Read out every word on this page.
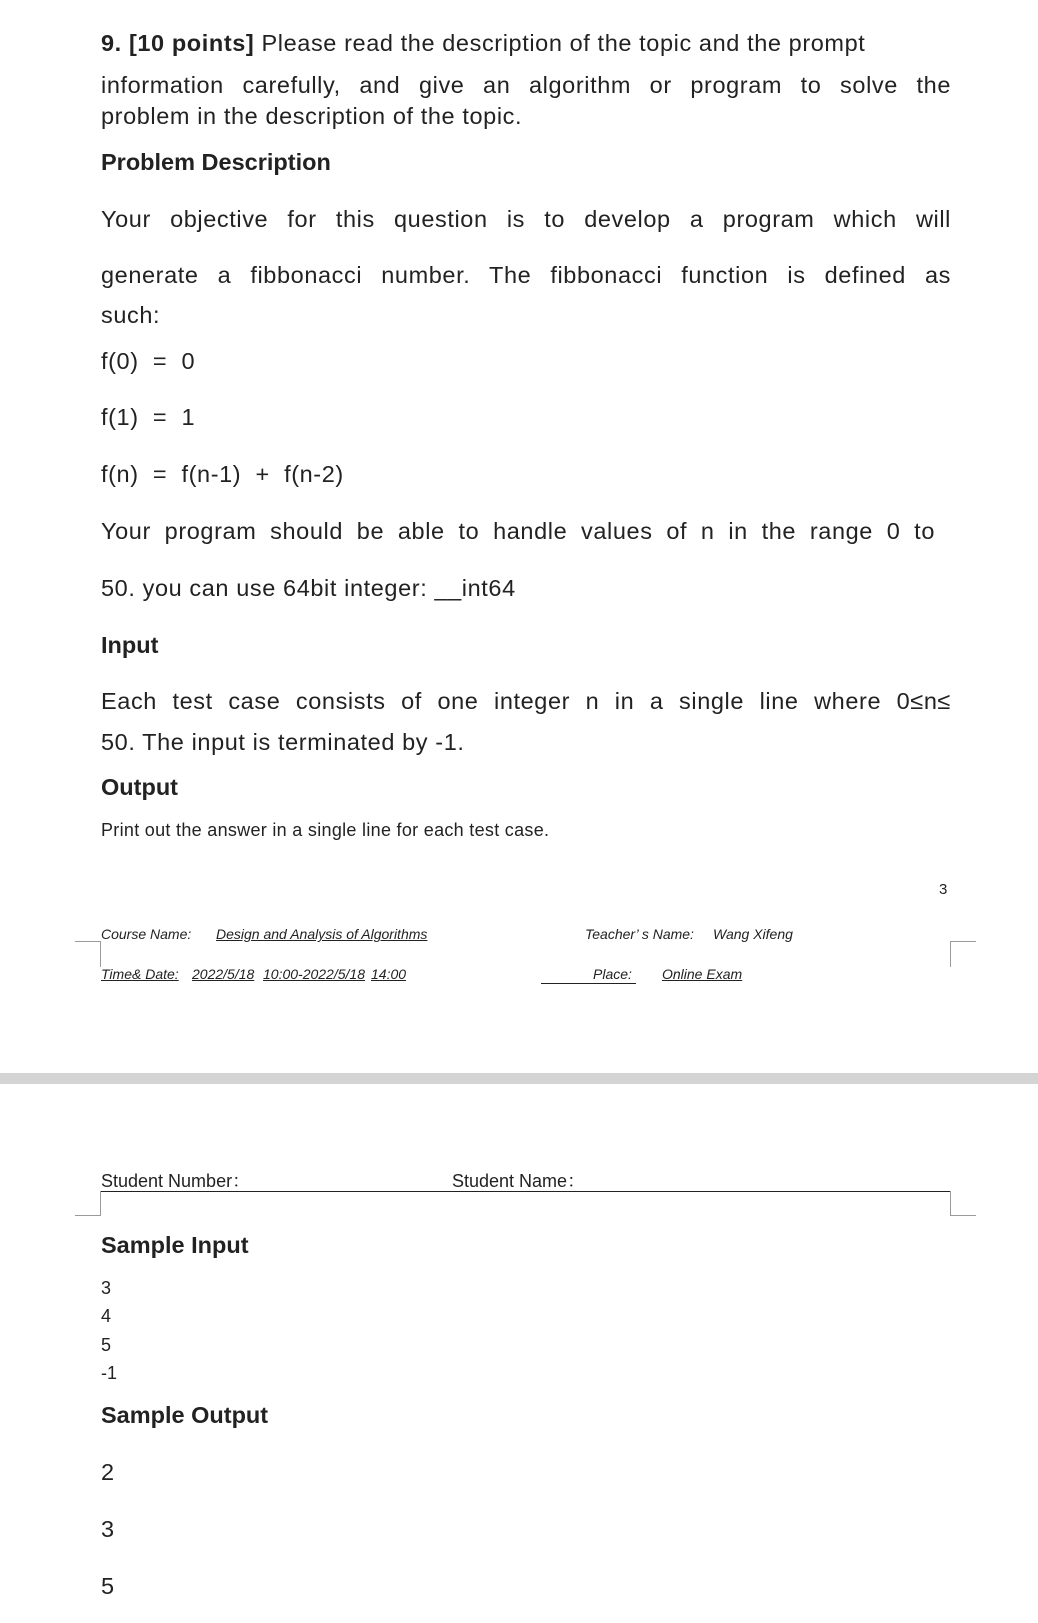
9. [10 points] Please read the description of the topic and the prompt

information carefully, and give an algorithm or program to solve the

problem in the description of the topic.

Problem Description

Your objective for this question is to develop a program which will

generate a fibbonacci number. The fibbonacci function is defined as

such:

f(0)  =  0

f(1)  =  1

f(n)  =  f(n-1)  +  f(n-2)

Your program should be able to handle values of n in the range 0 to

50. you can use 64bit integer: __int64

Input

Each test case consists of one integer n in a single line where 0≤n≤

50. The input is terminated by -1.

Output

Print out the answer in a single line for each test case.

3

Course Name: Design and Analysis of Algorithms	Teacher’ s Name: Wang Xifeng

Time& Date: 2022/5/18 10:00-2022/5/18 14:00	Place: Online Exam

Student Number：	Student Name：

Sample Input

3

4

5

-1

Sample Output

2

3

5
